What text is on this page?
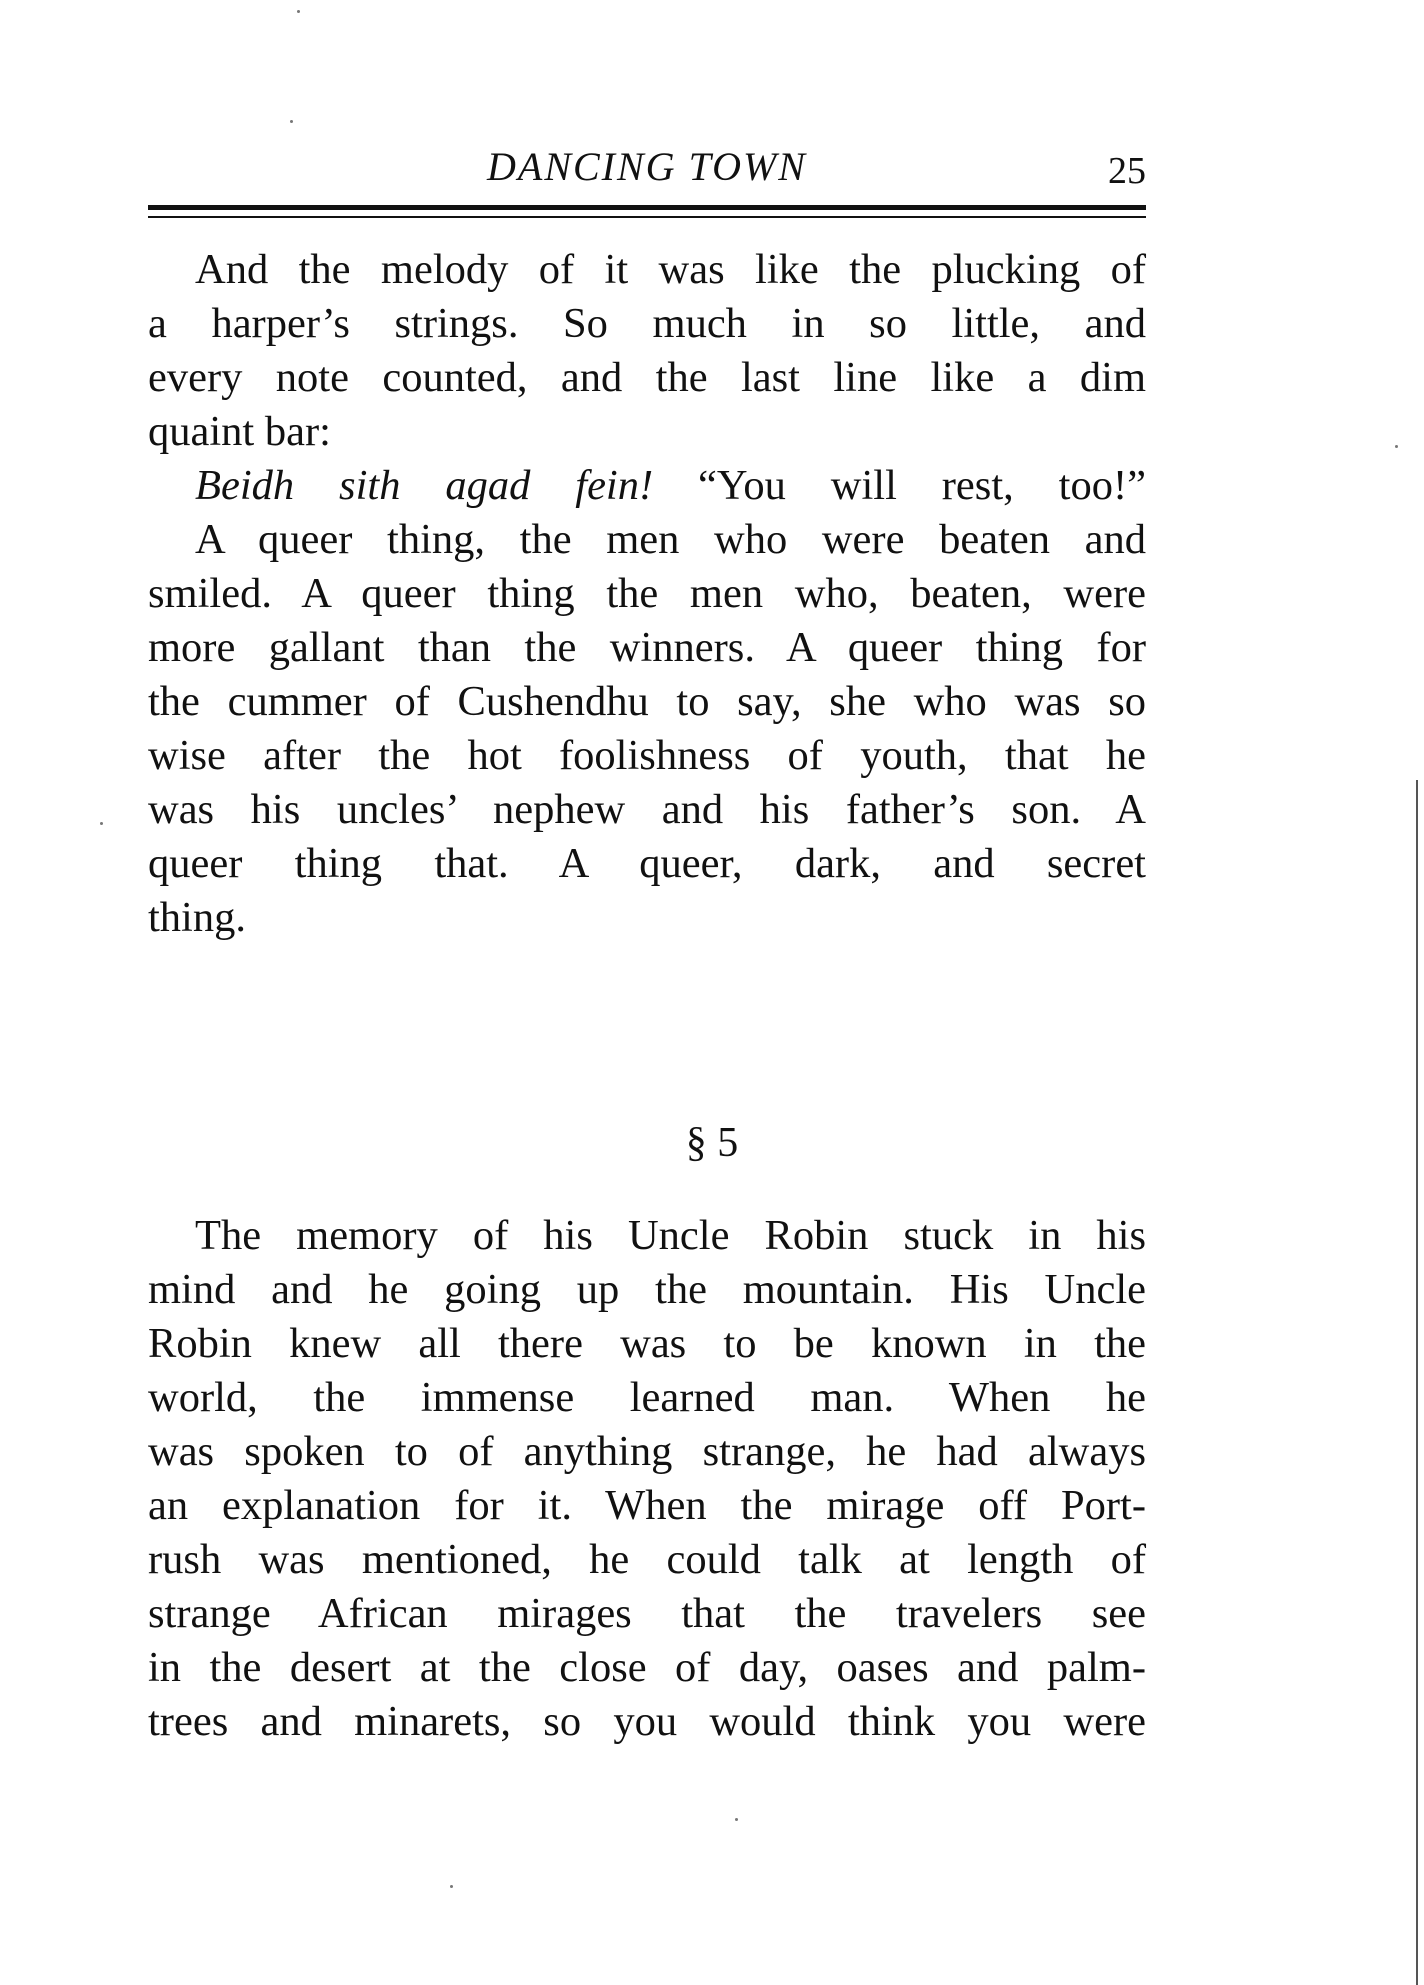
DANCING TOWN	25
And the melody of it was like the plucking of
a harper’s strings. So much in so little, and
every note counted, and the last line like a dim
quaint bar:
Beidh sith agad fein! “You will rest, too!”
A queer thing, the men who were beaten and
smiled. A queer thing the men who, beaten, were
more gallant than the winners. A queer thing for
the cummer of Cushendhu to say, she who was so
wise after the hot foolishness of youth, that he
was his uncles’ nephew and his father’s son. A
queer thing that. A queer, dark, and secret
thing.
§ 5
The memory of his Uncle Robin stuck in his
mind and he going up the mountain. His Uncle
Robin knew all there was to be known in the
world, the immense learned man. When he
was spoken to of anything strange, he had always
an explanation for it. When the mirage off Port-
rush was mentioned, he could talk at length of
strange African mirages that the travelers see
in the desert at the close of day, oases and palm-
trees and minarets, so you would think you were
